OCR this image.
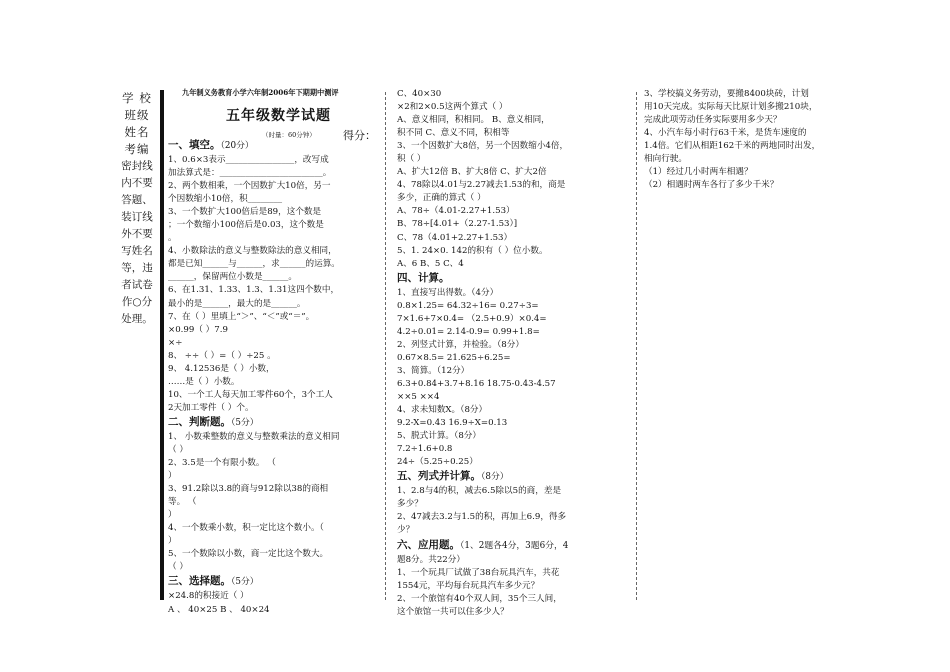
学 校
班级
姓名
考编
密封线
内不要
答题、
装订线
外不要
写姓名
等，违
者试卷
作○分
处理。
九年制义务教育小学六年制2006年下期期中测评
五年级数学试题
（时量：60分钟） 得分：
一、填空。（20分）
1、0.6×3表示________________，改写成
加法算式是：________________________。
2、两个数相乘，一个因数扩大10倍，另一
个因数缩小10倍，积________
3、一个数扩大100倍后是89，这个数是
；一个数缩小100倍后是0.03，这个数是
。
4、小数除法的意义与整数除法的意义相同，
都是已知______与______，求______的运算。
______，保留两位小数是______。
6、在1.31、1.33、1.3、1.31这四个数中，
最小的是______，最大的是______。
7、在（ ）里填上“＞”、“＜”或“＝”。
×0.99（ ）7.9
×÷
8、 ÷÷（ ）=（ ）÷25 。
9、 4.12536是（ ）小数，
……是（ ）小数。
10、一个工人每天加工零件60个，3个工人
2天加工零件（ ）个。
二、判断题。（5分）
1、 小数乘整数的意义与整数乘法的意义相同
（ ）
2、3.5是一个有限小数。 （
）
3、91.2除以3.8的商与912除以38的商相
等。 （
）
4、一个数乘小数，积一定比这个数小。（
）
5、一个数除以小数，商一定比这个数大。
（ ）
三、选择题。（5分）
×24.8的积接近（ ）
A 、 40×25 B 、 40×24
C、40×30
×2和2×0.5这两个算式（ ）
A、意义相同，积相同。 B、意义相同，
积不同 C、意义不同，积相等
3、一个因数扩大8倍，另一个因数缩小4倍，
积（ ）
A、扩大12倍 B、扩大8倍 C、扩大2倍
4、78除以4.01与2.27减去1.53的和，商是
多少，正确的算式（ ）
A、78÷（4.01-2.27+1.53）
B、78÷[4.01+（2.27-1.53）]
C、78（4.01+2.27+1.53）
5、1. 24×0. 142的积有（ ）位小数。
A、6 B、5 C、4
四、计算。
1、直接写出得数。（4分）
0.8×1.25= 64.32÷16= 0.27÷3=
7×1.6+7×0.4= （2.5+0.9）×0.4=
4.2÷0.01= 2.14-0.9= 0.99+1.8=
2、列竖式计算，并检验。（8分）
0.67×8.5= 21.625÷6.25=
3、简算。（12分）
6.3+0.84+3.7+8.16 18.75-0.43-4.57
××5 ××4
4、求未知数X。（8分）
9.2-X=0.43 16.9÷X=0.13
5、脱式计算。（8分）
7.2÷1.6+0.8
24÷（5.25÷0.25）
五、列式并计算。（8分）
1、2.8与4的积，减去6.5除以5的商，差是
多少？
2、47减去3.2与1.5的积，再加上6.9，得多
少？
六、应用题。（1、2题各4分，3题6分，4
题8分。共22分）
1、一个玩具厂试做了38台玩具汽车，共花
1554元，平均每台玩具汽车多少元？
2、一个旅馆有40个双人间，35个三人间，
这个旅馆一共可以住多少人？
3、学校搞义务劳动，要搬8400块砖，计划
用10天完成。实际每天比原计划多搬210块，
完成此项劳动任务实际要用多少天？
4、小汽车每小时行63千米，是货车速度的
1.4倍。它们从相距162千米的两地同时出发，
相向行驶。
（1）经过几小时两车相遇？
（2）相遇时两车各行了多少千米？
